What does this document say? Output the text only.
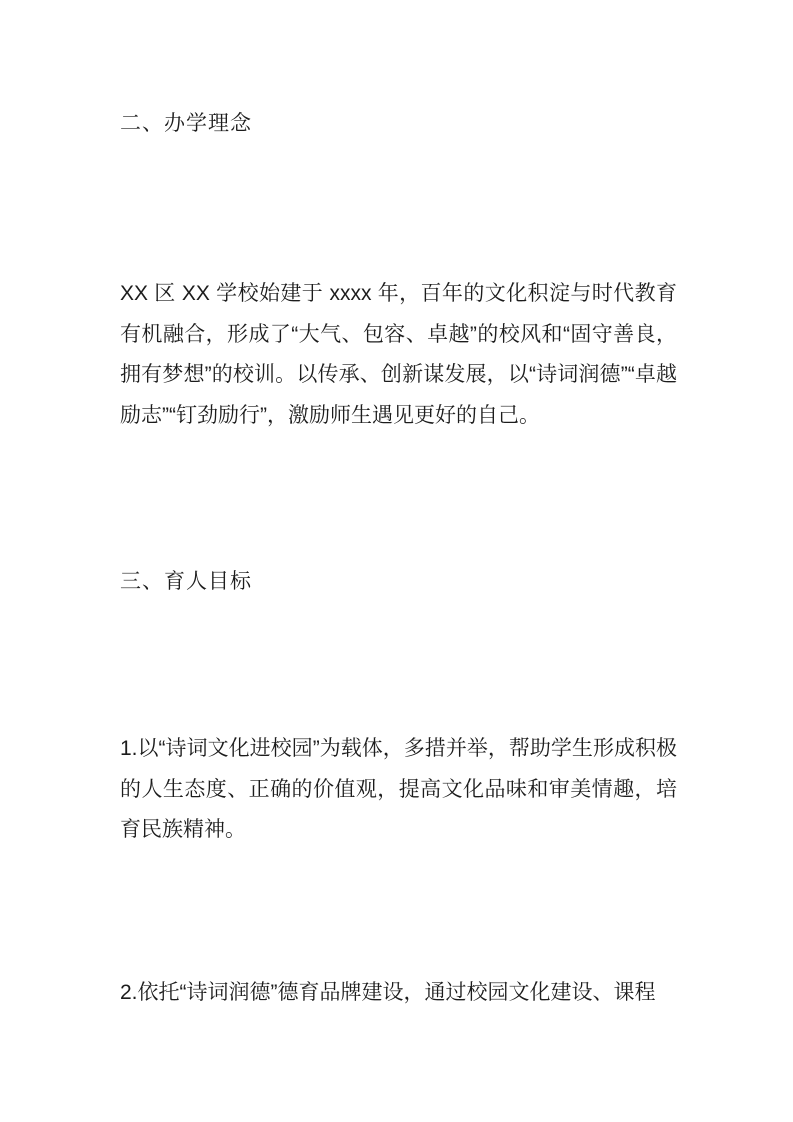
二、办学理念
XX 区 XX 学校始建于 xxxx 年，百年的文化积淀与时代教育有机融合，形成了“大气、包容、卓越”的校风和“固守善良，拥有梦想”的校训。以传承、创新谋发展，以“诗词润德”“卓越励志”“钉劲励行”，激励师生遇见更好的自己。
三、育人目标
1.以“诗词文化进校园”为载体，多措并举，帮助学生形成积极的人生态度、正确的价值观，提高文化品味和审美情趣，培育民族精神。
2.依托“诗词润德”德育品牌建设，通过校园文化建设、课程
